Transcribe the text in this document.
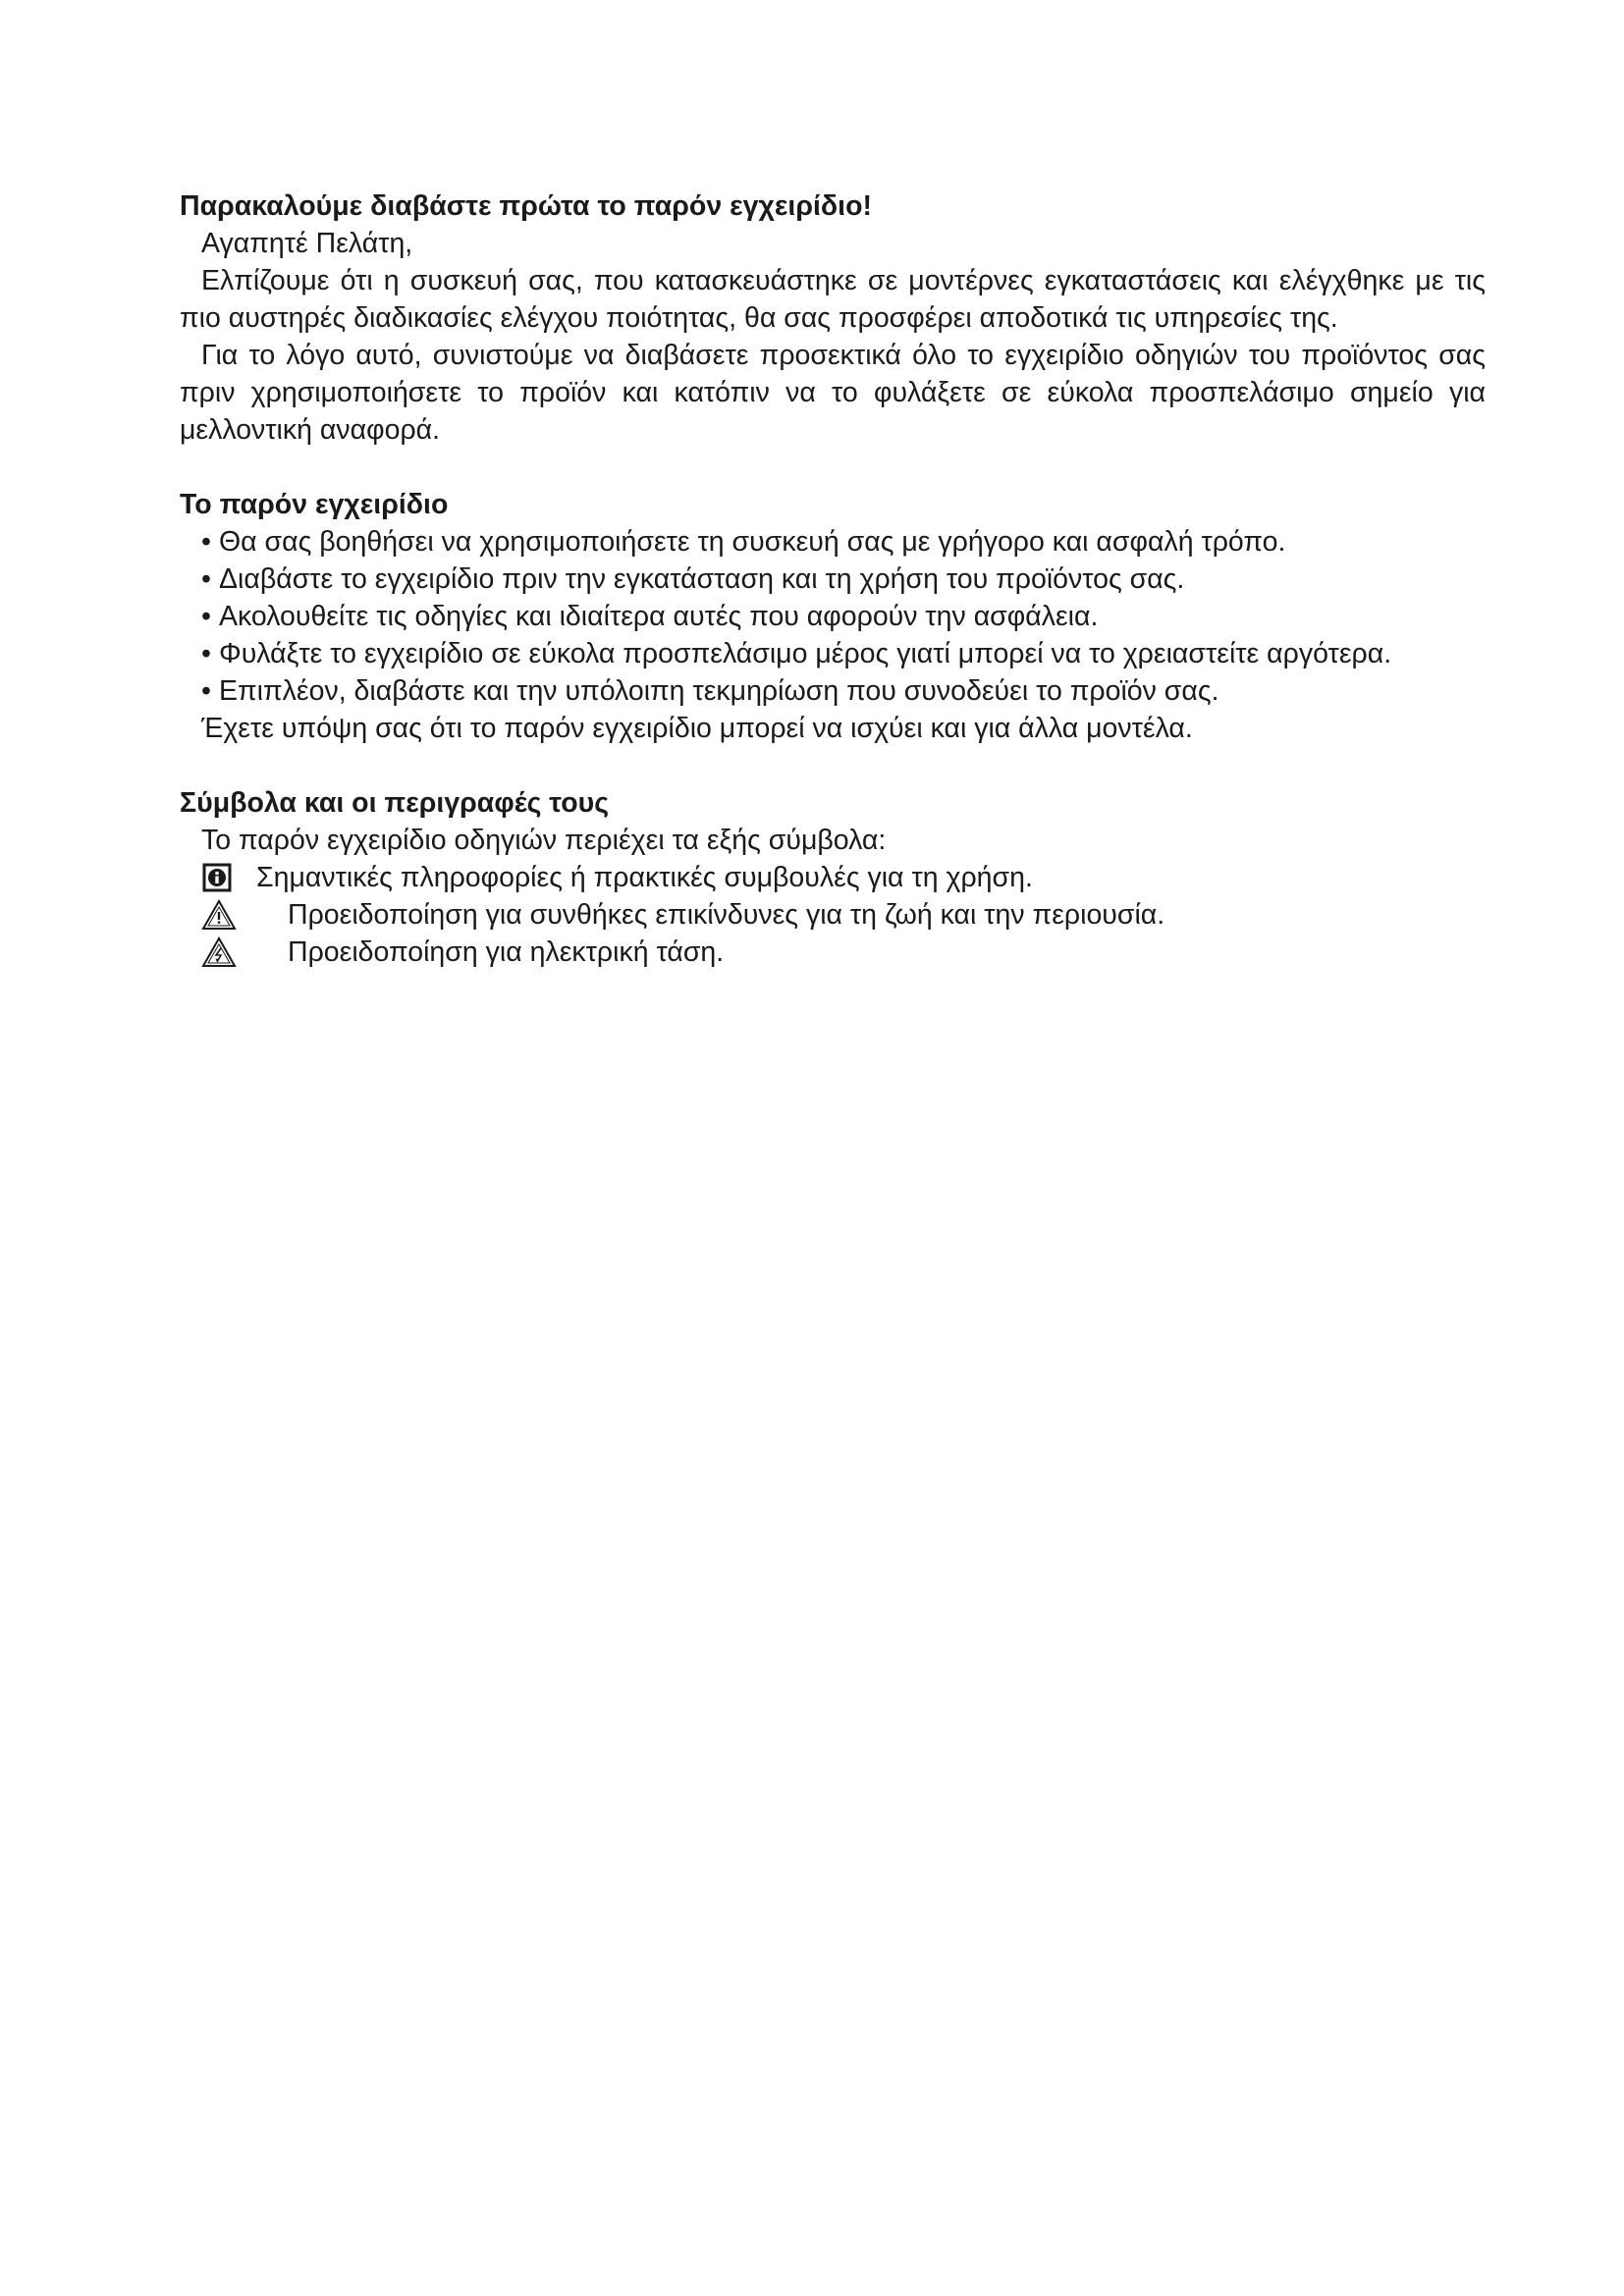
Παρακαλούμε διαβάστε πρώτα το παρόν εγχειρίδιο!

Αγαπητέ Πελάτη,

Ελπίζουμε ότι η συσκευή σας, που κατασκευάστηκε σε μοντέρνες εγκαταστάσεις και ελέγχθηκε με τις πιο αυστηρές διαδικασίες ελέγχου ποιότητας, θα σας προσφέρει αποδοτικά τις υπηρεσίες της.

Για το λόγο αυτό, συνιστούμε να διαβάσετε προσεκτικά όλο το εγχειρίδιο οδηγιών του προϊόντος σας πριν χρησιμοποιήσετε το προϊόν και κατόπιν να το φυλάξετε σε εύκολα προσπελάσιμο σημείο για μελλοντική αναφορά.

Το παρόν εγχειρίδιο

• Θα σας βοηθήσει να χρησιμοποιήσετε τη συσκευή σας με γρήγορο και ασφαλή τρόπο.

• Διαβάστε το εγχειρίδιο πριν την εγκατάσταση και τη χρήση του προϊόντος σας.

• Ακολουθείτε τις οδηγίες και ιδιαίτερα αυτές που αφορούν την ασφάλεια.

• Φυλάξτε το εγχειρίδιο σε εύκολα προσπελάσιμο μέρος γιατί μπορεί να το χρειαστείτε αργότερα.

• Επιπλέον, διαβάστε και την υπόλοιπη τεκμηρίωση που συνοδεύει το προϊόν σας.

Έχετε υπόψη σας ότι το παρόν εγχειρίδιο μπορεί να ισχύει και για άλλα μοντέλα.

Σύμβολα και οι περιγραφές τους

Το παρόν εγχειρίδιο οδηγιών περιέχει τα εξής σύμβολα:

Σημαντικές πληροφορίες ή πρακτικές συμβουλές για τη χρήση.
Προειδοποίηση για συνθήκες επικίνδυνες για τη ζωή και την περιουσία.
Προειδοποίηση για ηλεκτρική τάση.
